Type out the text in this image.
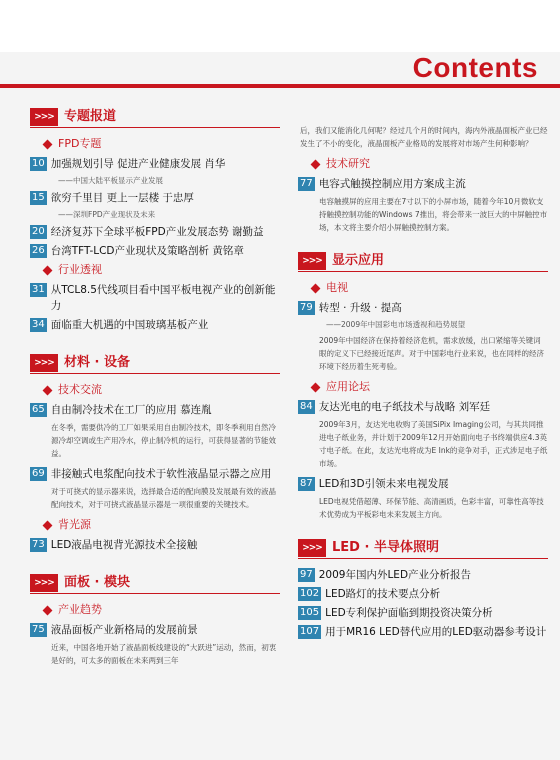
Contents
>>> 专题报道
FPD专题
10 加强规划引导 促进产业健康发展 肖华
——中国大陆平板显示产业发展
15 欲穷千里目 更上一层楼 于忠厚
——深圳FPD产业现状及未来
20 经济复苏下全球平板FPD产业发展态势 谢勤益
26 台湾TFT-LCD产业现状及策略剖析 黄铭章
行业透视
31 从TCL8.5代线项目看中国平板电视产业的创新能力
34 面临重大机遇的中国玻璃基板产业
>>> 材料 · 设备
技术交流
65 自由制冷技术在工厂的应用 慕连胤
在冬季，需要供冷的工厂如果采用自由制冷技术，即冬季利用自然冷源冷却空调或生产用冷水，停止制冷机的运行，可获得显著的节能效益。
69 非接触式电浆配向技术于软性液晶显示器之应用
对于可挠式的显示器来说，选择最合适的配向膜及发展最有效的液晶配向技术，对于可挠式液晶显示器是一项很重要的关键技术。
背光源
73 LED液晶电视背光源技术全接触
>>> 面板 · 模块
产业趋势
75 液晶面板产业新格局的发展前景
近来，中国各地开始了液晶面板线建设的“大跃进”运动，然而，初衷是好的，可太多的面板在未来两到三年
后，我们又能消化几何呢？经过几个月的时间内，海内外液晶面板产业已经发生了不小的变化，液晶面板产业格局的发展将对市场产生何种影响？
技术研究
77 电容式触摸控制应用方案成主流
电容触摸屏的应用主要在7寸以下的小屏市场，随着今年10月微软支持触摸控制功能的Windows 7推出，将会带来一波巨大的中屏触控市场，本文将主要介绍小屏触摸控制方案。
>>> 显示应用
电视
79 转型 · 升级 · 提高
——2009年中国彩电市场透视和趋势展望
2009年中国经济在保持着经济危机，需求放缓，出口紧缩等关键词眼的定义下已经接近尾声。对于中国彩电行业来说，也在同样的经济环境下经历着生死考验。
应用论坛
84 友达光电的电子纸技术与战略 刘军廷
2009年3月，友达光电收购了美国SiPix Imaging公司，与其共同推进电子纸业务，并计划于2009年12月开始面向电子书终端供应4.3英寸电子纸。在此，友达光电将成为E Ink的竞争对手，正式涉足电子纸市场。
87 LED和3D引领未来电视发展
LED电视凭借超薄、环保节能、高清画质，色彩丰富，可靠性高等技术优势成为平板彩电未来发展主方向。
>>> LED · 半导体照明
97 2009年国内外LED产业分析报告
102 LED路灯的技术要点分析
105 LED专利保护面临到期投资决策分析
107 用于MR16 LED替代应用的LED驱动器参考设计
